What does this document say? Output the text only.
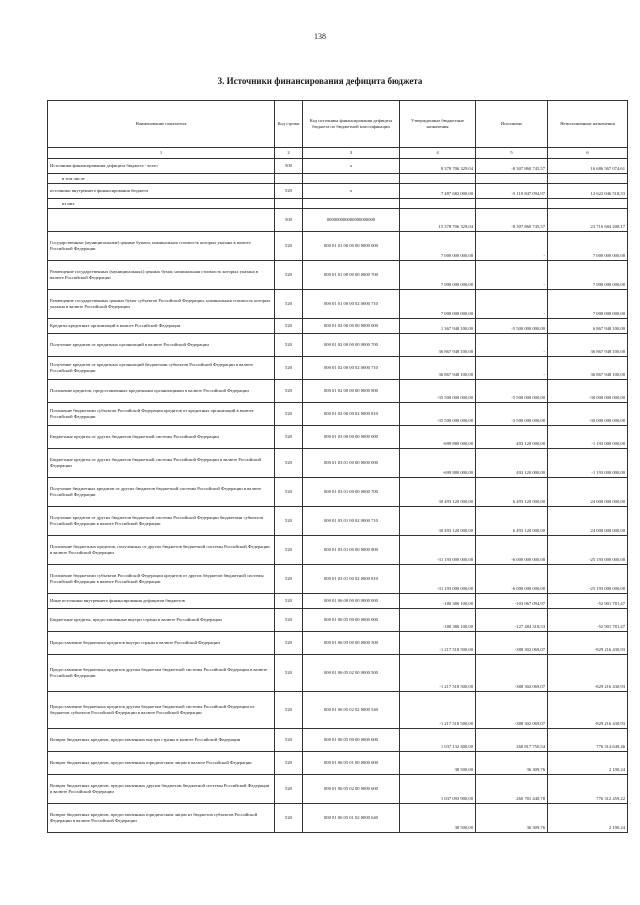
138
3. Источники финансирования дефицита бюджета
Наименование показателя	Код строки	Код источника финансирования дефицита бюджета по бюджетной классификации	Утвержденные бюджетные назначения	Исполнено	Неисполненные назначения
1	2	3	4	5	6
Источники финансирования дефицита бюджета - всего	500	x	8 378 706 329,04	-8 307 860 745,57	16 686 567 074,61
в том числе					
источники внутреннего финансирования бюджета	520	x	7 487 682 000,00	-5 110 847 094,97	12 622 046 518,53
из них					
	500	000000000000000000000	15 378 706 329,04	-8 307 860 745,57	23 716 684 208,17
Государственные (муниципальные) ценные бумаги, номинальная стоимость которых указана в валюте Российской Федерации	520	000 01 01 00 00 00 0000 000	7 000 000 000,00	-	7 000 000 000,00
Размещение государственных (муниципальных) ценных бумаг, номинальная стоимость которых указана в валюте Российской Федерации	520	000 01 01 00 00 00 0000 700	7 000 000 000,00	-	7 000 000 000,00
Размещение государственных ценных бумаг субъектов Российской Федерации, номинальная стоимость которых указана в валюте Российской Федерации	520	000 01 01 00 00 02 0000 710	7 000 000 000,00	-	7 000 000 000,00
Кредиты кредитных организаций в валюте Российской Федерации	520	000 01 02 00 00 00 0000 000	1 367 948 100,00	-5 500 000 000,00	6 867 948 100,00
Получение кредитов от кредитных организаций в валюте Российской Федерации	520	000 01 02 00 00 00 0000 700	36 867 948 100,00	-	36 867 948 100,00
Получение кредитов от кредитных организаций бюджетами субъектов Российской Федерации в валюте Российской Федерации	520	000 01 02 00 00 02 0000 710	36 867 948 100,00	-	36 867 948 100,00
Погашение кредитов, предоставленных кредитными организациями в валюте Российской Федерации	520	000 01 02 00 00 00 0000 800	-35 500 000 000,00	-5 500 000 000,00	-30 000 000 000,00
Погашение бюджетами субъектов Российской Федерации кредитов от кредитных организаций в валюте Российской Федерации	520	000 01 02 00 00 02 0000 810	-35 500 000 000,00	-5 500 000 000,00	-30 000 000 000,00
Бюджетные кредиты от других бюджетов бюджетной системы Российской Федерации	520	000 01 03 00 00 00 0000 000	-699 880 000,00	493 120 000,00	-1 193 000 000,00
Бюджетные кредиты от других бюджетов бюджетной системы Российской Федерации в валюте Российской Федерации	520	000 01 03 01 00 00 0000 000	-699 880 000,00	493 120 000,00	-1 193 000 000,00
Получение бюджетных кредитов от других бюджетов бюджетной системы Российской Федерации в валюте Российской Федерации	520	000 01 03 01 00 00 0000 700	30 493 120 000,00	6 493 120 000,00	24 000 000 000,00
Получение кредитов от других бюджетов бюджетной системы Российской Федерации бюджетами субъектов Российской Федерации в валюте Российской Федерации	520	000 01 03 01 00 02 0000 710	30 493 120 000,00	6 493 120 000,00	24 000 000 000,00
Погашение бюджетных кредитов, полученных от других бюджетов бюджетной системы Российской Федерации в валюте Российской Федерации	520	000 01 03 01 00 00 0000 800	-31 193 000 000,00	-6 000 000 000,00	-25 193 000 000,00
Погашение бюджетами субъектов Российской Федерации кредитов от других бюджетов бюджетной системы Российской Федерации в валюте Российской Федерации	520	000 01 03 01 00 02 0000 810	-31 193 000 000,00	-6 000 000 000,00	-25 193 000 000,00
Иные источники внутреннего финансирования дефицитов бюджетов	520	000 01 06 00 00 00 0000 000	-180 386 100,00	-103 967 094,97	-52 901 781,47
Бюджетные кредиты, предоставленные внутри страны в валюте Российской Федерации	520	000 01 06 05 00 00 0000 000	-180 386 100,00	-127 484 318,53	-52 901 781,47
Предоставление бюджетных кредитов внутри страны в валюте Российской Федерации	520	000 01 06 05 00 00 0000 500	-1 217 518 500,00	-388 302 069,07	-829 216 430,93
Предоставление бюджетных кредитов другим бюджетам бюджетной системы Российской Федерации в валюте Российской Федерации	520	000 01 06 05 02 00 0000 500	-1 217 518 500,00	-388 302 069,07	-829 216 430,93
Предоставление бюджетных кредитов другим бюджетам бюджетной системы Российской Федерации из бюджетов субъектов Российской Федерации в валюте Российской Федерации	520	000 01 06 05 02 02 0000 540	-1 217 518 500,00	-388 302 069,07	-829 216 430,93
Возврат бюджетных кредитов, предоставленных внутри страны в валюте Российской Федерации	520	000 01 06 05 00 00 0000 600	1 037 132 400,00	260 817 750,54	776 314 649,46
Возврат бюджетных кредитов, предоставленных юридическим лицам в валюте Российской Федерации	520	000 01 06 05 01 00 0000 600	38 500,00	36 309,76	2 190,24
Возврат бюджетных кредитов, предоставленных другим бюджетам бюджетной системы Российской Федерации в валюте Российской Федерации	520	000 01 06 05 02 00 0000 600	1 037 093 900,00	260 781 440,78	776 312 459,22
Возврат бюджетных кредитов, предоставленных юридическим лицам из бюджетов субъектов Российской Федерации в валюте Российской Федерации	520	000 01 06 05 01 02 0000 640	38 500,00	36 309,76	2 190,24
